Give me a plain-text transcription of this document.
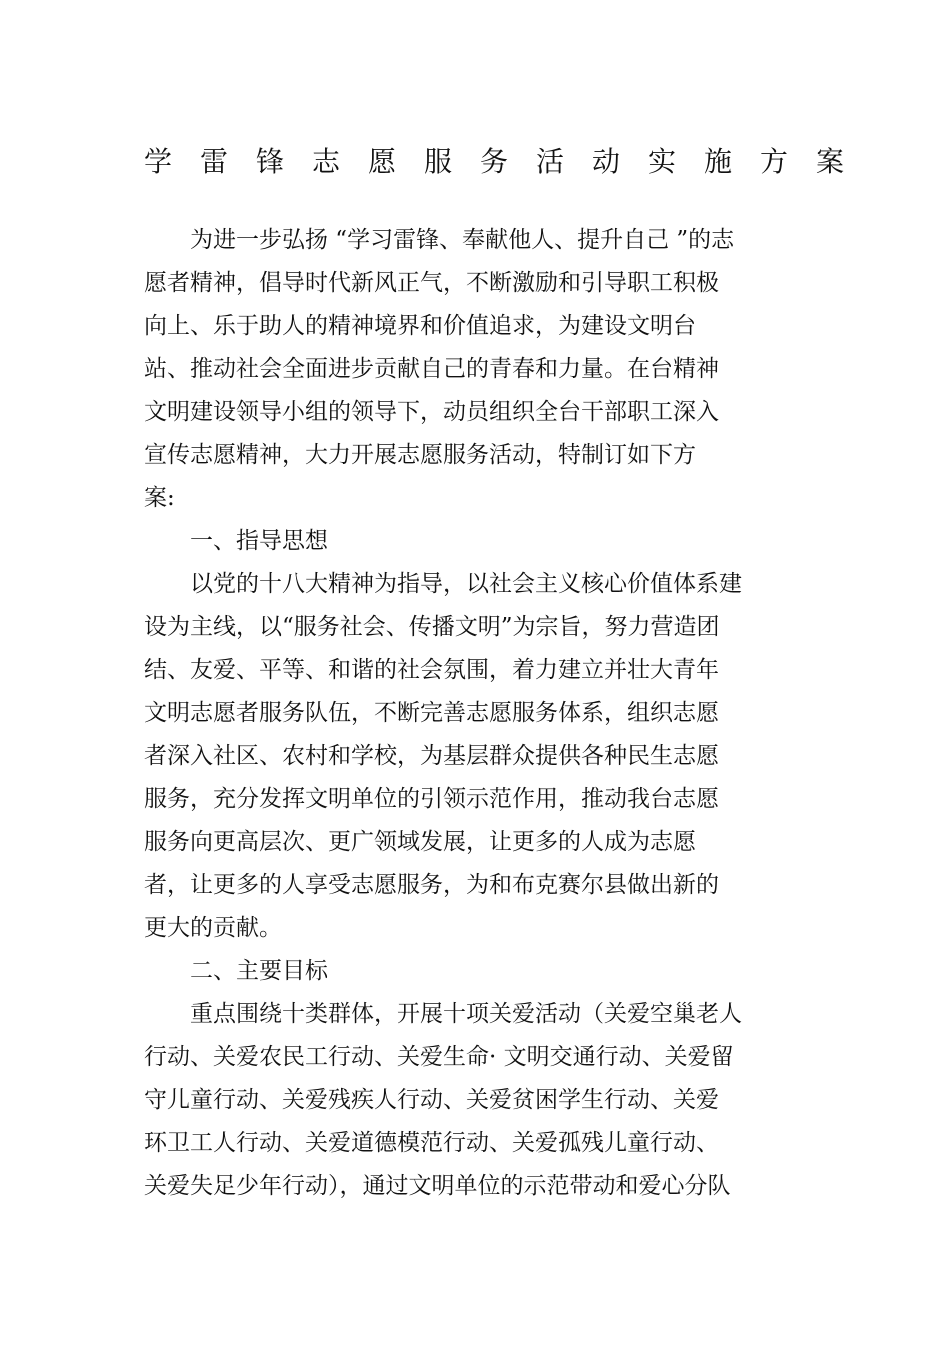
学雷锋志愿服务活动实施方案

为进一步弘扬 “学习雷锋、奉献他人、提升自己 ”的志

愿者精神，倡导时代新风正气，不断激励和引导职工积极

向上、乐于助人的精神境界和价值追求，为建设文明台

站、推动社会全面进步贡献自己的青春和力量。在台精神

文明建设领导小组的领导下，动员组织全台干部职工深入

宣传志愿精神，大力开展志愿服务活动，特制订如下方

案:

一、指导思想

以党的十八大精神为指导，以社会主义核心价值体系建

设为主线，以“服务社会、传播文明”为宗旨，努力营造团

结、友爱、平等、和谐的社会氛围，着力建立并壮大青年

文明志愿者服务队伍，不断完善志愿服务体系，组织志愿

者深入社区、农村和学校，为基层群众提供各种民生志愿

服务，充分发挥文明单位的引领示范作用，推动我台志愿

服务向更高层次、更广领域发展，让更多的人成为志愿

者，让更多的人享受志愿服务，为和布克赛尔县做出新的

更大的贡献。

二、主要目标

重点围绕十类群体，开展十项关爱活动（关爱空巢老人

行动、关爱农民工行动、关爱生命· 文明交通行动、关爱留

守儿童行动、关爱残疾人行动、关爱贫困学生行动、关爱

环卫工人行动、关爱道德模范行动、关爱孤残儿童行动、

关爱失足少年行动），通过文明单位的示范带动和爱心分队
